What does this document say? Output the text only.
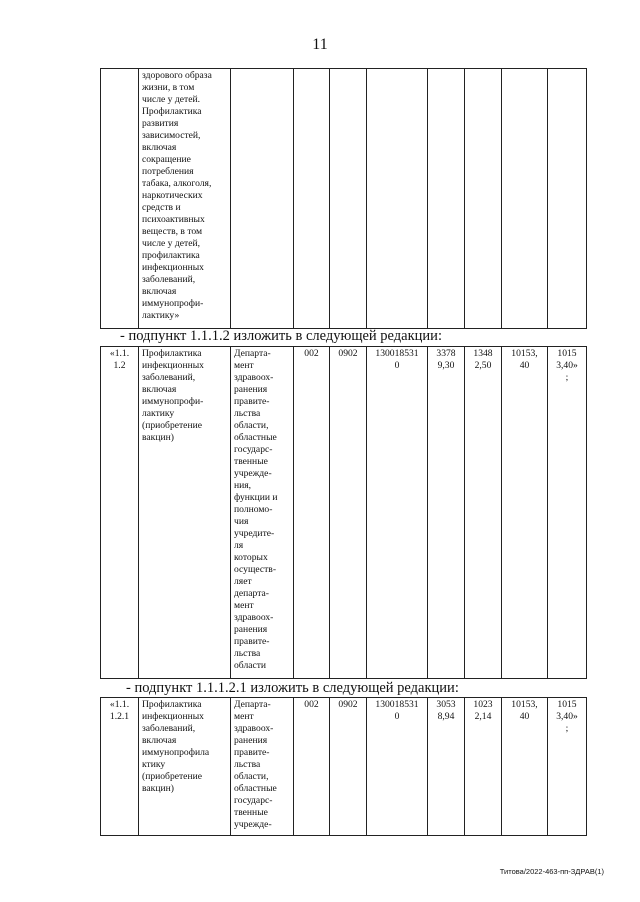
11
	здорового образа
жизни, в том
числе у детей.
Профилактика
развития
зависимостей,
включая
сокращение
потребления
табака, алкоголя,
наркотических
средств и
психоактивных
веществ, в том
числе у детей,
профилактика
инфекционных
заболеваний,
включая
иммунопрофи-
лактику»								
- подпункт 1.1.1.2 изложить в следующей редакции:
«1.1.
1.2	Профилактика
инфекционных
заболеваний,
включая
иммунопрофи-
лактику
(приобретение
вакцин)	Департа-
мент
здравоох-
ранения
правите-
льства
области,
областные
государс-
твенные
учрежде-
ния,
функции и
полномо-
чия
учредите-
ля
которых
осуществ-
ляет
департа-
мент
здравоох-
ранения
правите-
льства
области	002	0902	130018531
0	3378
9,30	1348
2,50	10153,
40	1015
3,40»
;
- подпункт 1.1.1.2.1 изложить в следующей редакции:
«1.1.
1.2.1	Профилактика
инфекционных
заболеваний,
включая
иммунопрофила
ктику
(приобретение
вакцин)	Департа-
мент
здравоох-
ранения
правите-
льства
области,
областные
государс-
твенные
учрежде-	002	0902	130018531
0	3053
8,94	1023
2,14	10153,
40	1015
3,40»
;
Титова/2022-463-пп-ЗДРАВ(1)
